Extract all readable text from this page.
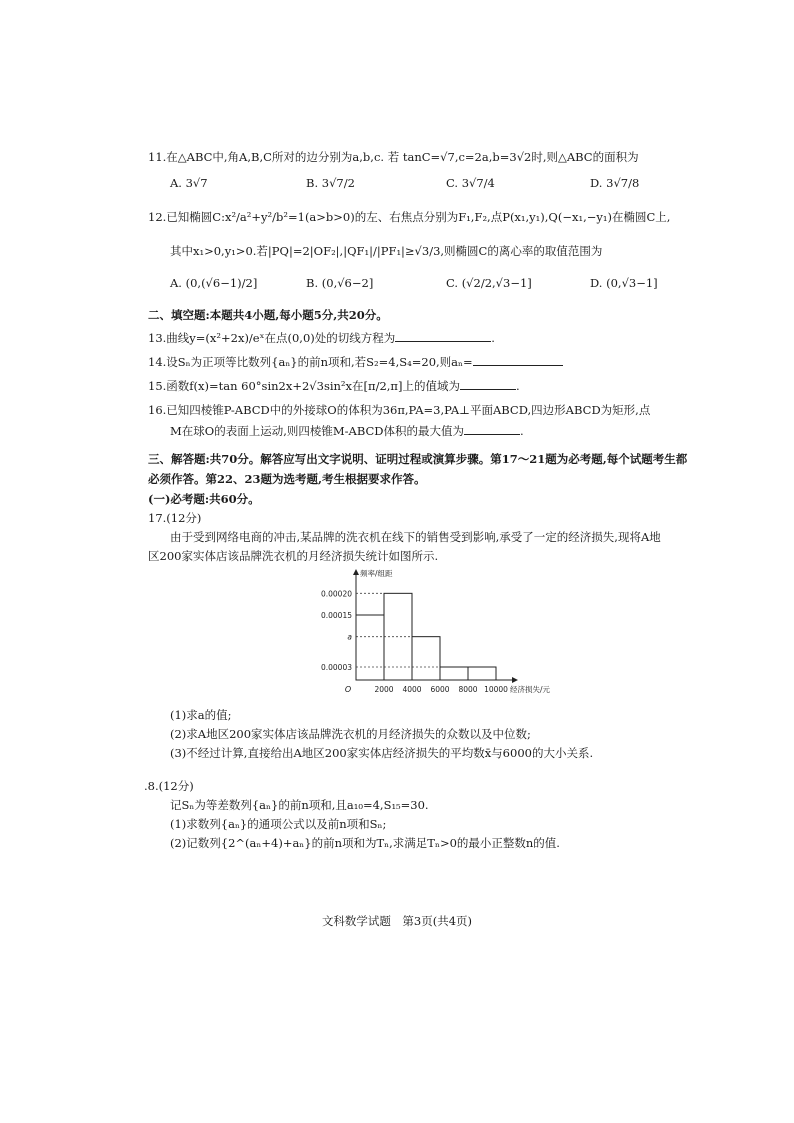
11.在△ABC中,角A,B,C所对的边分别为a,b,c. 若 tanC=√7,c=2a,b=3√2时,则△ABC的面积为
A. 3√7	B. 3√7/2	C. 3√7/4	D. 3√7/8
12.已知椭圆C:x²/a²+y²/b²=1(a>b>0)的左、右焦点分别为F₁,F₂,点P(x₁,y₁),Q(−x₁,−y₁)在椭圆C上,
其中x₁>0,y₁>0.若|PQ|=2|OF₂|,|QF₁|/|PF₁|≥√3/3,则椭圆C的离心率的取值范围为
A. (0,(√6−1)/2]	B. (0,√6−2]	C. (√2/2,√3−1]	D. (0,√3−1]
二、填空题:本题共4小题,每小题5分,共20分。
13.曲线y=(x²+2x)/eˣ在点(0,0)处的切线方程为	.
14.设Sₙ为正项等比数列{aₙ}的前n项和,若S₂=4,S₄=20,则aₙ=
15.函数f(x)=tan 60°sin2x+2√3sin²x在[π/2,π]上的值域为	.
16.已知四棱锥P-ABCD中的外接球O的体积为36π,PA=3,PA⊥平面ABCD,四边形ABCD为矩形,点
M在球O的表面上运动,则四棱锥M-ABCD体积的最大值为	.
三、解答题:共70分。解答应写出文字说明、证明过程或演算步骤。第17～21题为必考题,每个试题考生都
必须作答。第22、23题为选考题,考生根据要求作答。
(一)必考题:共60分。
17.(12分)
由于受到网络电商的冲击,某品牌的洗衣机在线下的销售受到影响,承受了一定的经济损失,现将A地
区200家实体店该品牌洗衣机的月经济损失统计如图所示.
0.00020
0.00015
a
0.00003
2000 4000 6000 8000 10000
O
频率/组距
经济损失/元
(1)求a的值;
(2)求A地区200家实体店该品牌洗衣机的月经济损失的众数以及中位数;
(3)不经过计算,直接给出A地区200家实体店经济损失的平均数x̄与6000的大小关系.
.8.(12分)
记Sₙ为等差数列{aₙ}的前n项和,且a₁₀=4,S₁₅=30.
(1)求数列{aₙ}的通项公式以及前n项和Sₙ;
(2)记数列{2^(aₙ+4)+aₙ}的前n项和为Tₙ,求满足Tₙ>0的最小正整数n的值.
文科数学试题　第3页(共4页)
